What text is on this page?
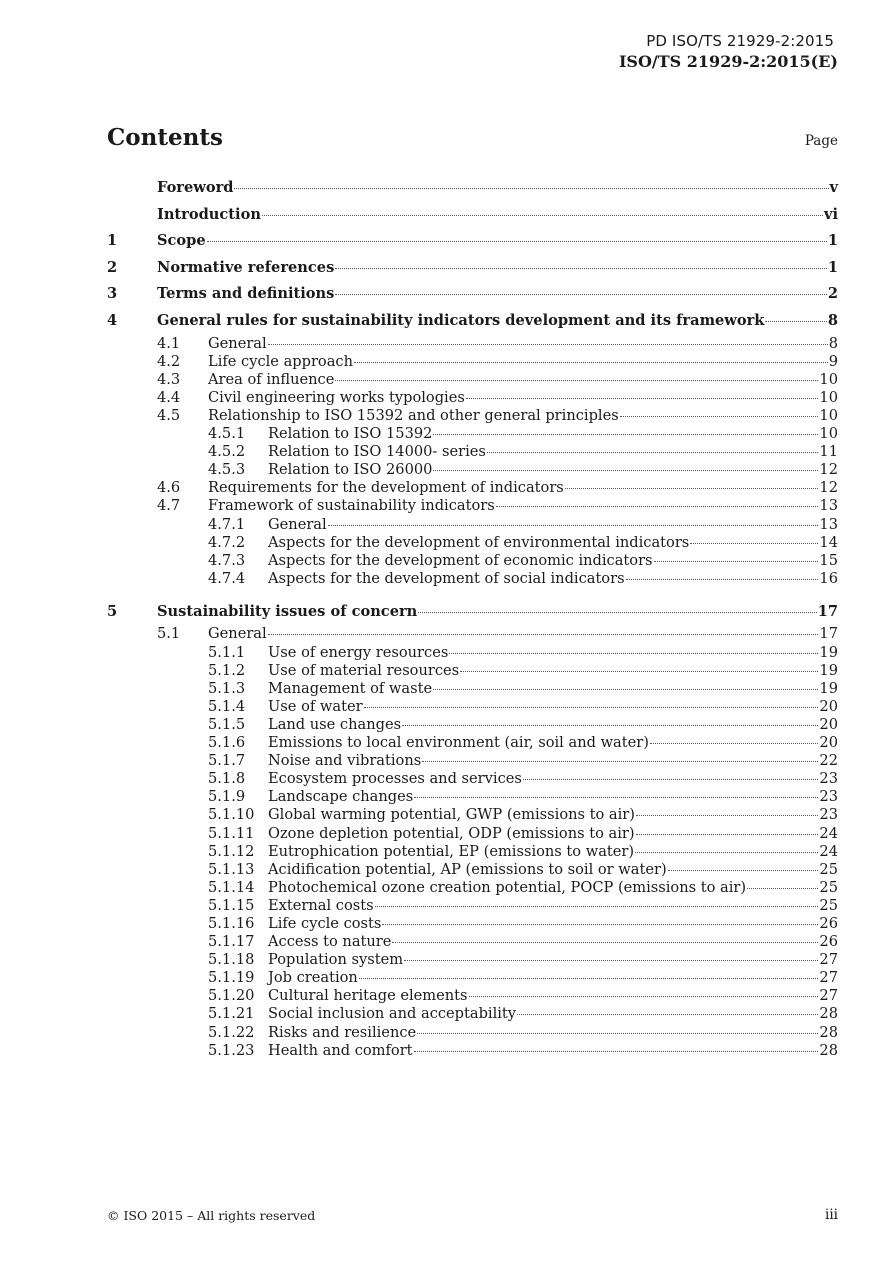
PD ISO/TS 21929-2:2015
ISO/TS 21929-2:2015(E)
Contents	Page
Foreword	v
Introduction	vi
1	Scope	1
2	Normative references	1
3	Terms and definitions	2
4	General rules for sustainability indicators development and its framework	8
4.1	General	8
4.2	Life cycle approach	9
4.3	Area of influence	10
4.4	Civil engineering works typologies	10
4.5	Relationship to ISO 15392 and other general principles	10
4.5.1	Relation to ISO 15392	10
4.5.2	Relation to ISO 14000- series	11
4.5.3	Relation to ISO 26000	12
4.6	Requirements for the development of indicators	12
4.7	Framework of sustainability indicators	13
4.7.1	General	13
4.7.2	Aspects for the development of environmental indicators	14
4.7.3	Aspects for the development of economic indicators	15
4.7.4	Aspects for the development of social indicators	16
5	Sustainability issues of concern	17
5.1	General	17
5.1.1	Use of energy resources	19
5.1.2	Use of material resources	19
5.1.3	Management of waste	19
5.1.4	Use of water	20
5.1.5	Land use changes	20
5.1.6	Emissions to local environment (air, soil and water)	20
5.1.7	Noise and vibrations	22
5.1.8	Ecosystem processes and services	23
5.1.9	Landscape changes	23
5.1.10 Global warming potential, GWP (emissions to air)	23
5.1.11 Ozone depletion potential, ODP (emissions to air)	24
5.1.12 Eutrophication potential, EP (emissions to water)	24
5.1.13 Acidification potential, AP (emissions to soil or water)	25
5.1.14 Photochemical ozone creation potential, POCP (emissions to air)	25
5.1.15 External costs	25
5.1.16 Life cycle costs	26
5.1.17 Access to nature	26
5.1.18 Population system	27
5.1.19 Job creation	27
5.1.20 Cultural heritage elements	27
5.1.21 Social inclusion and acceptability	28
5.1.22 Risks and resilience	28
5.1.23 Health and comfort	28
© ISO 2015 – All rights reserved	iii
